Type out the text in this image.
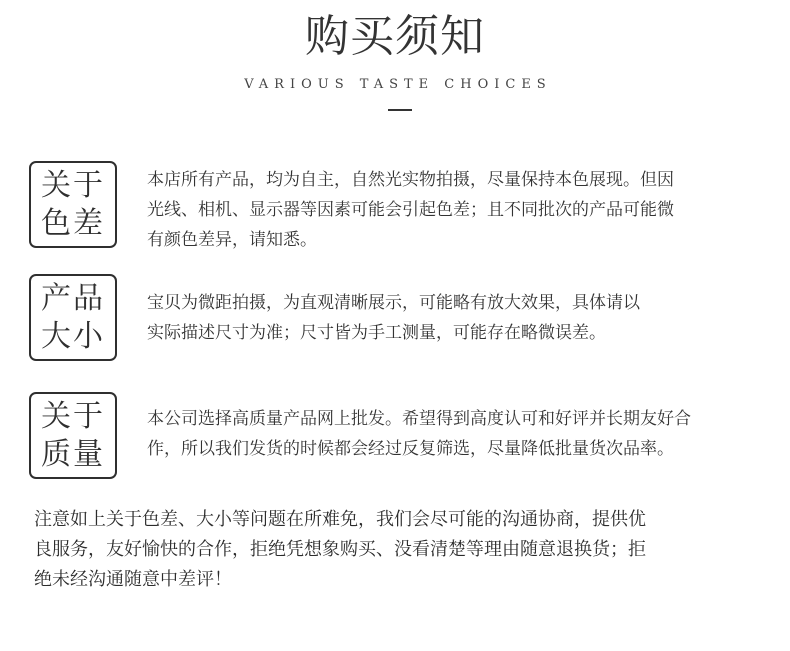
购买须知
VARIOUS TASTE CHOICES
关于
色差
本店所有产品，均为自主，自然光实物拍摄，尽量保持本色展现。但因
光线、相机、显示器等因素可能会引起色差；且不同批次的产品可能微
有颜色差异，请知悉。
产品
大小
宝贝为微距拍摄，为直观清晰展示，可能略有放大效果，具体请以
实际描述尺寸为准；尺寸皆为手工测量，可能存在略微误差。
关于
质量
本公司选择高质量产品网上批发。希望得到高度认可和好评并长期友好合
作，所以我们发货的时候都会经过反复筛选，尽量降低批量货次品率。
注意如上关于色差、大小等问题在所难免，我们会尽可能的沟通协商，提供优
良服务，友好愉快的合作，拒绝凭想象购买、没看清楚等理由随意退换货；拒
绝未经沟通随意中差评！
